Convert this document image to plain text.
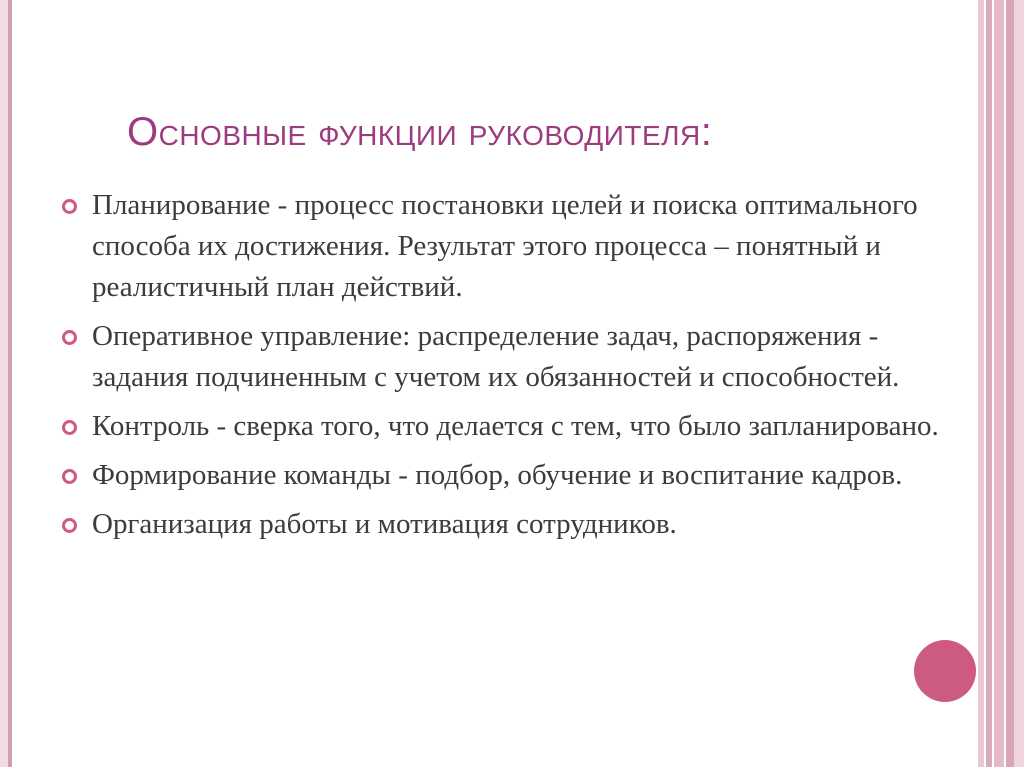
Основные функции руководителя:
Планирование - процесс постановки целей и поиска оптимального способа их достижения. Результат этого процесса – понятный и реалистичный план действий.
Оперативное управление: распределение задач, распоряжения - задания подчиненным с учетом их обязанностей и способностей.
Контроль - сверка того, что делается с тем, что было запланировано.
Формирование команды - подбор, обучение и воспитание кадров.
Организация работы и мотивация сотрудников.
